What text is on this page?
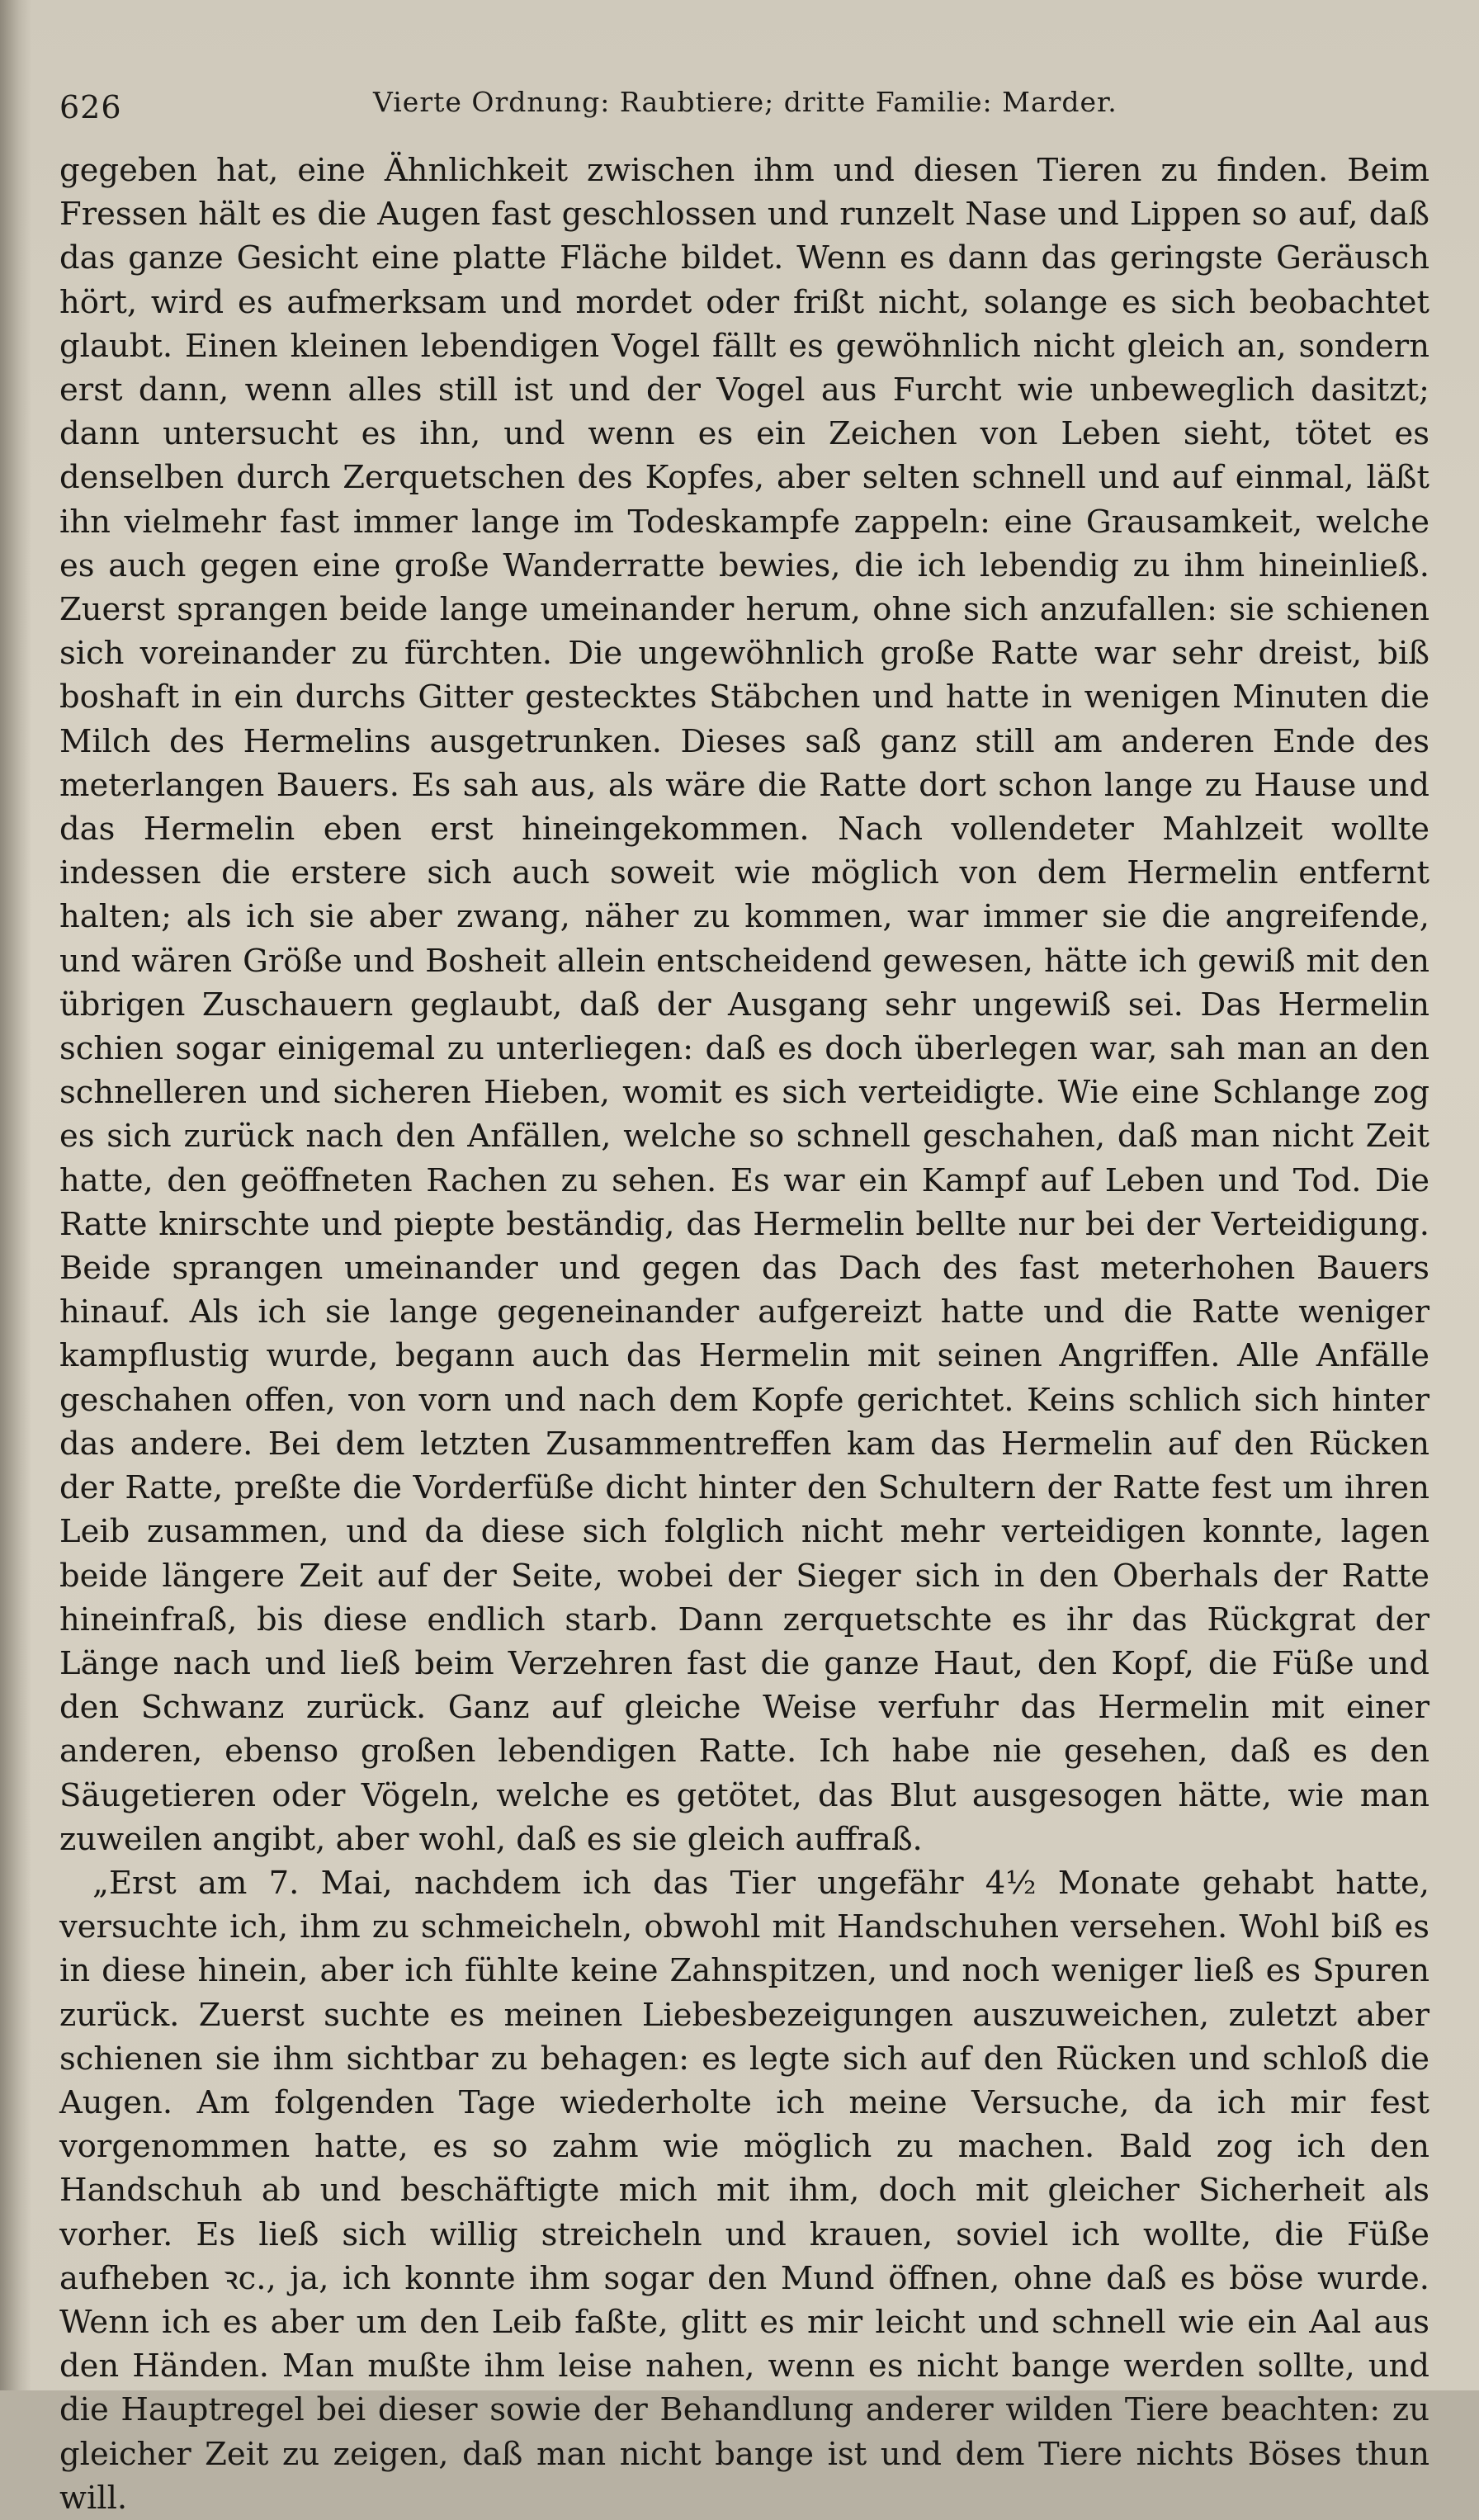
626	Vierte Ordnung: Raubtiere; dritte Familie: Marder.

gegeben hat, eine Ähnlichkeit zwischen ihm und diesen Tieren zu finden. Beim Fressen hält es die Augen fast geschlossen und runzelt Nase und Lippen so auf, daß das ganze Gesicht eine platte Fläche bildet. Wenn es dann das geringste Geräusch hört, wird es aufmerksam und mordet oder frißt nicht, solange es sich beobachtet glaubt. Einen kleinen lebendigen Vogel fällt es gewöhnlich nicht gleich an, sondern erst dann, wenn alles still ist und der Vogel aus Furcht wie unbeweglich dasitzt; dann untersucht es ihn, und wenn es ein Zeichen von Leben sieht, tötet es denselben durch Zerquetschen des Kopfes, aber selten schnell und auf einmal, läßt ihn vielmehr fast immer lange im Todeskampfe zappeln: eine Grausamkeit, welche es auch gegen eine große Wanderratte bewies, die ich lebendig zu ihm hineinließ. Zuerst sprangen beide lange umeinander herum, ohne sich anzufallen: sie schienen sich voreinander zu fürchten. Die ungewöhnlich große Ratte war sehr dreist, biß boshaft in ein durchs Gitter gestecktes Stäbchen und hatte in wenigen Minuten die Milch des Hermelins ausgetrunken. Dieses saß ganz still am anderen Ende des meterlangen Bauers. Es sah aus, als wäre die Ratte dort schon lange zu Hause und das Hermelin eben erst hineingekommen. Nach vollendeter Mahlzeit wollte indessen die erstere sich auch soweit wie möglich von dem Hermelin entfernt halten; als ich sie aber zwang, näher zu kommen, war immer sie die angreifende, und wären Größe und Bosheit allein entscheidend gewesen, hätte ich gewiß mit den übrigen Zuschauern geglaubt, daß der Ausgang sehr ungewiß sei. Das Hermelin schien sogar einigemal zu unterliegen: daß es doch überlegen war, sah man an den schnelleren und sicheren Hieben, womit es sich verteidigte. Wie eine Schlange zog es sich zurück nach den Anfällen, welche so schnell geschahen, daß man nicht Zeit hatte, den geöffneten Rachen zu sehen. Es war ein Kampf auf Leben und Tod. Die Ratte knirschte und piepte beständig, das Hermelin bellte nur bei der Verteidigung. Beide sprangen umeinander und gegen das Dach des fast meterhohen Bauers hinauf. Als ich sie lange gegeneinander aufgereizt hatte und die Ratte weniger kampflustig wurde, begann auch das Hermelin mit seinen Angriffen. Alle Anfälle geschahen offen, von vorn und nach dem Kopfe gerichtet. Keins schlich sich hinter das andere. Bei dem letzten Zusammentreffen kam das Hermelin auf den Rücken der Ratte, preßte die Vorderfüße dicht hinter den Schultern der Ratte fest um ihren Leib zusammen, und da diese sich folglich nicht mehr verteidigen konnte, lagen beide längere Zeit auf der Seite, wobei der Sieger sich in den Oberhals der Ratte hineinfraß, bis diese endlich starb. Dann zerquetschte es ihr das Rückgrat der Länge nach und ließ beim Verzehren fast die ganze Haut, den Kopf, die Füße und den Schwanz zurück. Ganz auf gleiche Weise verfuhr das Hermelin mit einer anderen, ebenso großen lebendigen Ratte. Ich habe nie gesehen, daß es den Säugetieren oder Vögeln, welche es getötet, das Blut ausgesogen hätte, wie man zuweilen angibt, aber wohl, daß es sie gleich auffraß.

„Erst am 7. Mai, nachdem ich das Tier ungefähr 4½ Monate gehabt hatte, versuchte ich, ihm zu schmeicheln, obwohl mit Handschuhen versehen. Wohl biß es in diese hinein, aber ich fühlte keine Zahnspitzen, und noch weniger ließ es Spuren zurück. Zuerst suchte es meinen Liebesbezeigungen auszuweichen, zuletzt aber schienen sie ihm sichtbar zu behagen: es legte sich auf den Rücken und schloß die Augen. Am folgenden Tage wiederholte ich meine Versuche, da ich mir fest vorgenommen hatte, es so zahm wie möglich zu machen. Bald zog ich den Handschuh ab und beschäftigte mich mit ihm, doch mit gleicher Sicherheit als vorher. Es ließ sich willig streicheln und krauen, soviel ich wollte, die Füße aufheben ꝛc., ja, ich konnte ihm sogar den Mund öffnen, ohne daß es böse wurde. Wenn ich es aber um den Leib faßte, glitt es mir leicht und schnell wie ein Aal aus den Händen. Man mußte ihm leise nahen, wenn es nicht bange werden sollte, und die Hauptregel bei dieser sowie der Behandlung anderer wilden Tiere beachten: zu gleicher Zeit zu zeigen, daß man nicht bange ist und dem Tiere nichts Böses thun will.
